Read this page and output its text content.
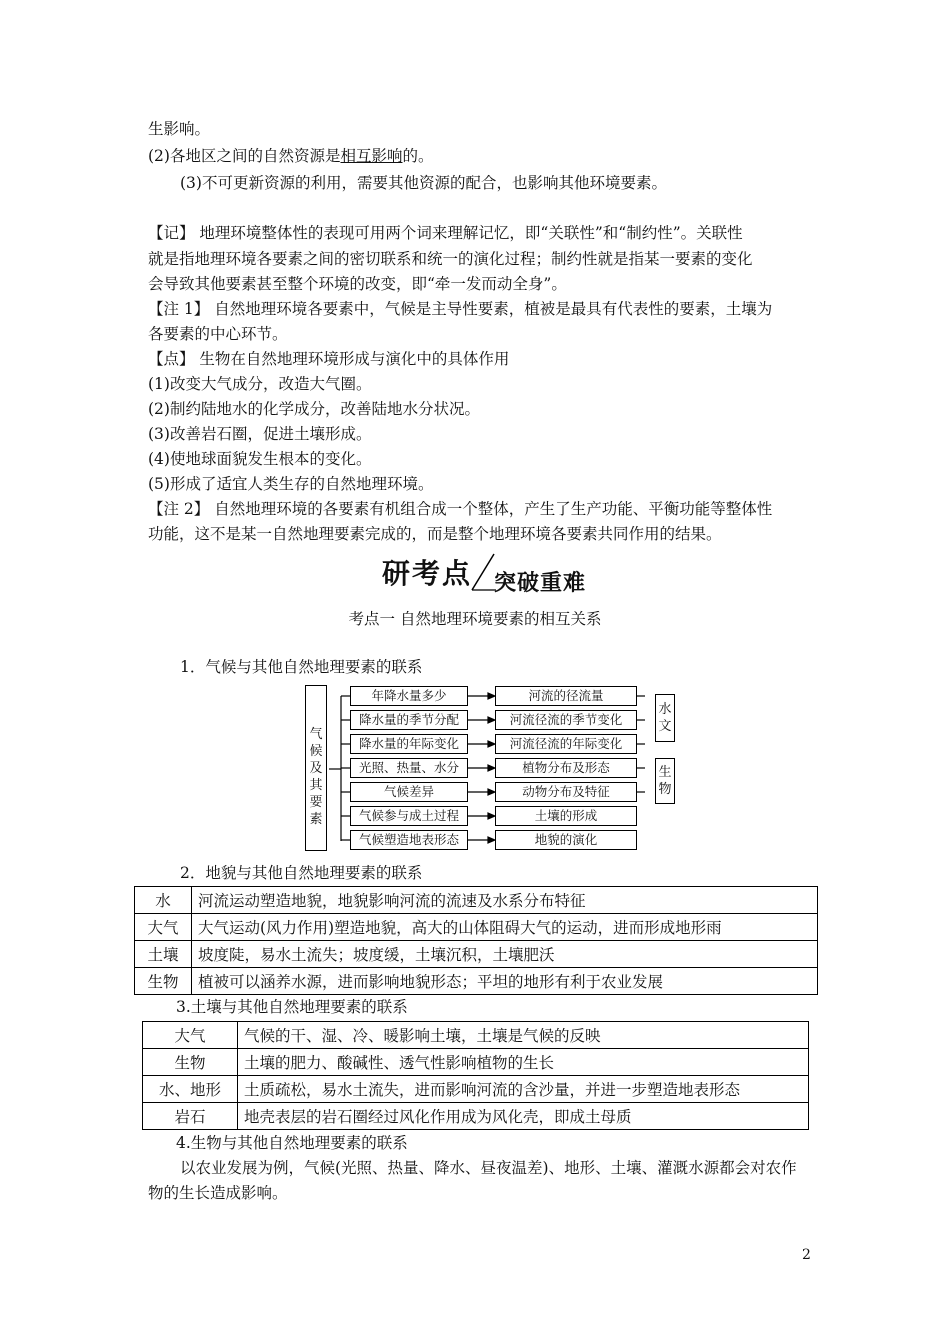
生影响。
(2)各地区之间的自然资源是相互影响的。
(3)不可更新资源的利用，需要其他资源的配合，也影响其他环境要素。
【记】 地理环境整体性的表现可用两个词来理解记忆，即“关联性”和“制约性”。关联性
就是指地理环境各要素之间的密切联系和统一的演化过程；制约性就是指某一要素的变化
会导致其他要素甚至整个环境的改变，即“牵一发而动全身”。
【注 1】 自然地理环境各要素中，气候是主导性要素，植被是最具有代表性的要素，土壤为
各要素的中心环节。
【点】 生物在自然地理环境形成与演化中的具体作用
(1)改变大气成分，改造大气圈。
(2)制约陆地水的化学成分，改善陆地水分状况。
(3)改善岩石圈，促进土壤形成。
(4)使地球面貌发生根本的变化。
(5)形成了适宜人类生存的自然地理环境。
【注 2】 自然地理环境的各要素有机组合成一个整体，产生了生产功能、平衡功能等整体性
功能，这不是某一自然地理要素完成的，而是整个地理环境各要素共同作用的结果。
研考点 突破重难
考点一 自然地理环境要素的相互关系
1．气候与其他自然地理要素的联系
气
候
及
其
要
素
年降水量多少
降水量的季节分配
降水量的年际变化
光照、热量、水分
气候差异
气候参与成土过程
气候塑造地表形态
河流的径流量
河流径流的季节变化
河流径流的年际变化
植物分布及形态
动物分布及特征
土壤的形成
地貌的演化
水
文
生
物
2．地貌与其他自然地理要素的联系
水	河流运动塑造地貌，地貌影响河流的流速及水系分布特征
大气	大气运动(风力作用)塑造地貌，高大的山体阻碍大气的运动，进而形成地形雨
土壤	坡度陡，易水土流失；坡度缓，土壤沉积，土壤肥沃
生物	植被可以涵养水源，进而影响地貌形态；平坦的地形有利于农业发展
3.土壤与其他自然地理要素的联系
大气	气候的干、湿、冷、暖影响土壤，土壤是气候的反映
生物	土壤的肥力、酸碱性、透气性影响植物的生长
水、地形	土质疏松，易水土流失，进而影响河流的含沙量，并进一步塑造地表形态
岩石	地壳表层的岩石圈经过风化作用成为风化壳，即成土母质
4.生物与其他自然地理要素的联系
以农业发展为例，气候(光照、热量、降水、昼夜温差)、地形、土壤、灌溉水源都会对农作
物的生长造成影响。
2
